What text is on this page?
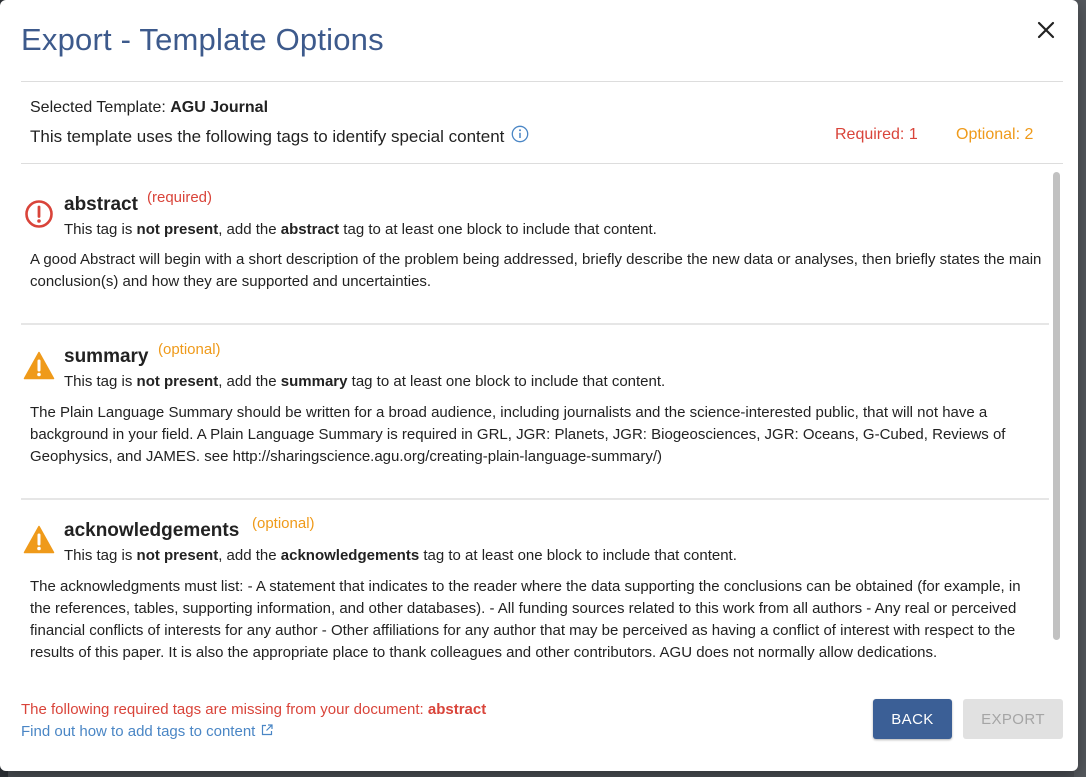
Export - Template Options
Selected Template: AGU Journal
This template uses the following tags to identify special content	Required: 1 Optional: 2
abstract (required)
This tag is not present, add the abstract tag to at least one block to include that content.
A good Abstract will begin with a short description of the problem being addressed, briefly describe the new data or analyses, then briefly states the main conclusion(s) and how they are supported and uncertainties.
summary (optional)
This tag is not present, add the summary tag to at least one block to include that content.
The Plain Language Summary should be written for a broad audience, including journalists and the science-interested public, that will not have a background in your field. A Plain Language Summary is required in GRL, JGR: Planets, JGR: Biogeosciences, JGR: Oceans, G-Cubed, Reviews of Geophysics, and JAMES. see http://sharingscience.agu.org/creating-plain-language-summary/)
acknowledgements (optional)
This tag is not present, add the acknowledgements tag to at least one block to include that content.
The acknowledgments must list: - A statement that indicates to the reader where the data supporting the conclusions can be obtained (for example, in the references, tables, supporting information, and other databases). - All funding sources related to this work from all authors - Any real or perceived financial conflicts of interests for any author - Other affiliations for any author that may be perceived as having a conflict of interest with respect to the results of this paper. It is also the appropriate place to thank colleagues and other contributors. AGU does not normally allow dedications.
The following required tags are missing from your document: abstract
Find out how to add tags to content
BACK	EXPORT
